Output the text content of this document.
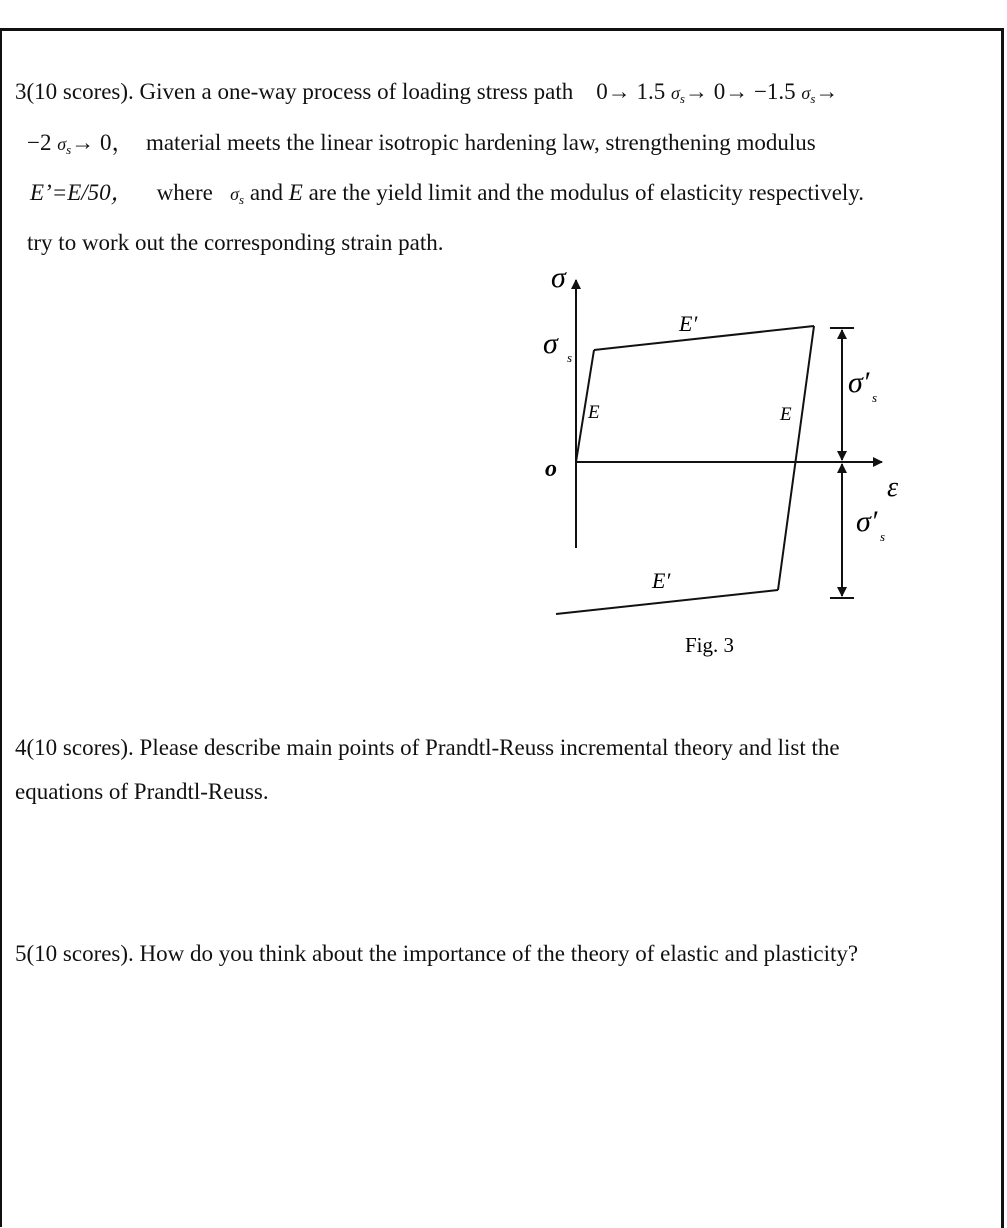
3(10 scores). Given a one-way process of loading stress path 0→ 1.5 $\sigma_s\to 0\to -1.5$ $\sigma_s\to$
−2 $\sigma_s\to 0$， material meets the linear isotropic hardening law, strengthening modulus
E’=E/50， where $\sigma_s$ and E are the yield limit and the modulus of elasticity respectively.
try to work out the corresponding strain path.
σ
σ s
o
E	E
E′
E′
σ′ s
ε
σ′ s
Fig. 3
4(10 scores). Please describe main points of Prandtl-Reuss incremental theory and list the
equations of Prandtl-Reuss.
5(10 scores). How do you think about the importance of the theory of elastic and plasticity?
